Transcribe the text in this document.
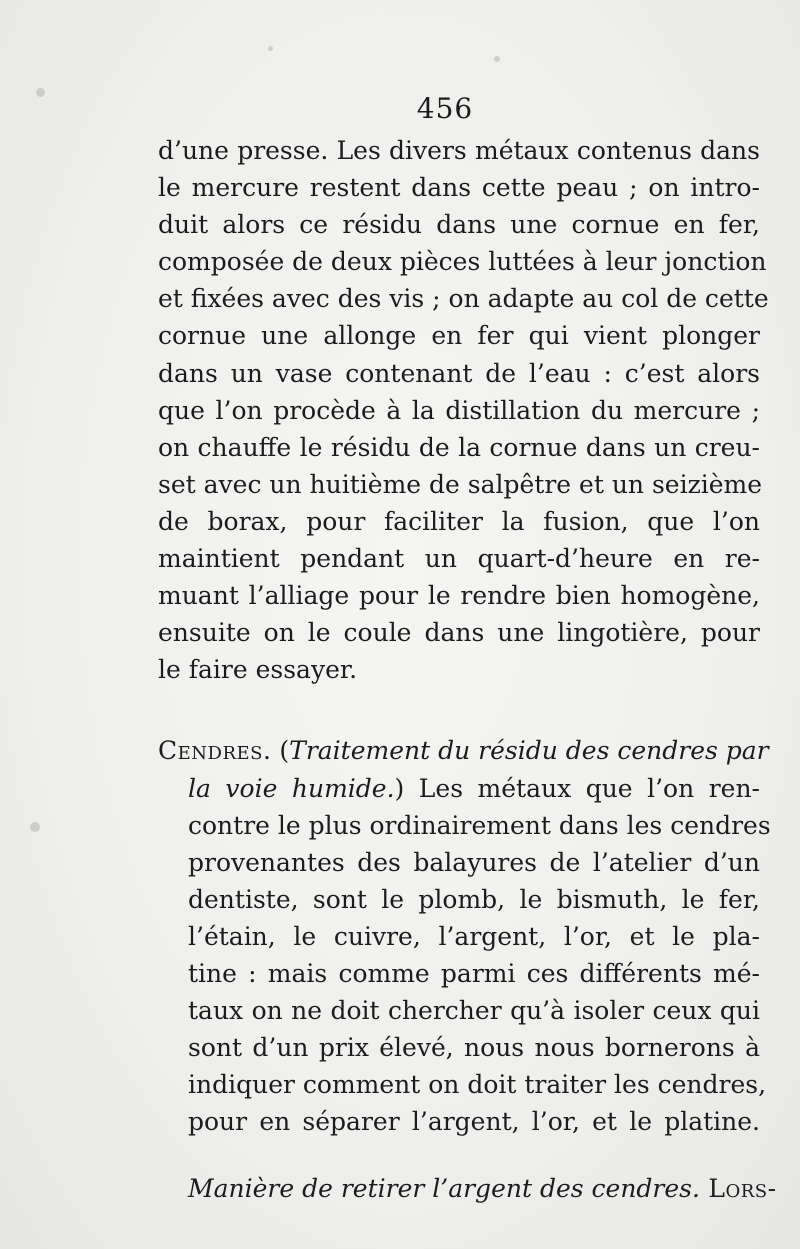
456
d’une presse. Les divers métaux contenus dans
le mercure restent dans cette peau ; on intro-
duit alors ce résidu dans une cornue en fer,
composée de deux pièces luttées à leur jonction
et fixées avec des vis ; on adapte au col de cette
cornue une allonge en fer qui vient plonger
dans un vase contenant de l’eau : c’est alors
que l’on procède à la distillation du mercure ;
on chauffe le résidu de la cornue dans un creu-
set avec un huitième de salpêtre et un seizième
de borax, pour faciliter la fusion, que l’on
maintient pendant un quart-d’heure en re-
muant l’alliage pour le rendre bien homogène,
ensuite on le coule dans une lingotière, pour
le faire essayer.
Cendres. (Traitement du résidu des cendres par
la voie humide.) Les métaux que l’on ren-
contre le plus ordinairement dans les cendres
provenantes des balayures de l’atelier d’un
dentiste, sont le plomb, le bismuth, le fer,
l’étain, le cuivre, l’argent, l’or, et le pla-
tine : mais comme parmi ces différents mé-
taux on ne doit chercher qu’à isoler ceux qui
sont d’un prix élevé, nous nous bornerons à
indiquer comment on doit traiter les cendres,
pour en séparer l’argent, l’or, et le platine.
Manière de retirer l’argent des cendres. Lors-
